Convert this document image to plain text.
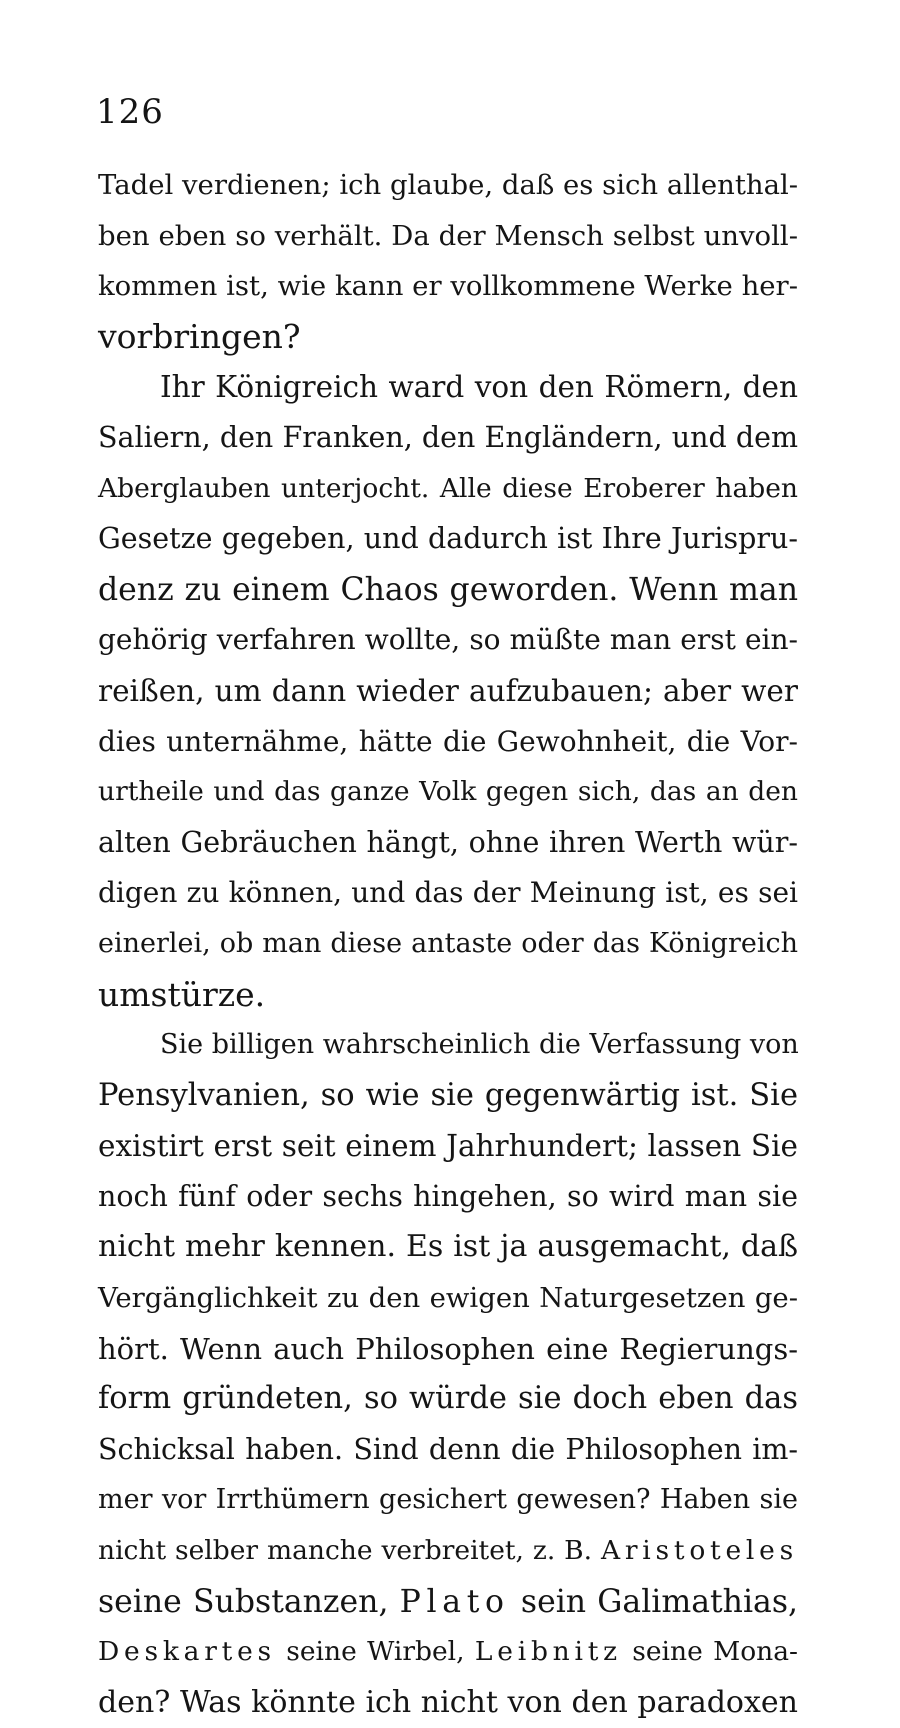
126
Tadel verdienen; ich glaube, daß es sich allenthal-
ben eben so verhält. Da der Mensch selbst unvoll-
kommen ist, wie kann er vollkommene Werke her-
vorbringen?
Ihr Königreich ward von den Römern, den
Saliern, den Franken, den Engländern, und dem
Aberglauben unterjocht. Alle diese Eroberer haben
Gesetze gegeben, und dadurch ist Ihre Jurispru-
denz zu einem Chaos geworden. Wenn man
gehörig verfahren wollte, so müßte man erst ein-
reißen, um dann wieder aufzubauen; aber wer
dies unternähme, hätte die Gewohnheit, die Vor-
urtheile und das ganze Volk gegen sich, das an den
alten Gebräuchen hängt, ohne ihren Werth wür-
digen zu können, und das der Meinung ist, es sei
einerlei, ob man diese antaste oder das Königreich
umstürze.
Sie billigen wahrscheinlich die Verfassung von
Pensylvanien, so wie sie gegenwärtig ist. Sie
existirt erst seit einem Jahrhundert; lassen Sie
noch fünf oder sechs hingehen, so wird man sie
nicht mehr kennen. Es ist ja ausgemacht, daß
Vergänglichkeit zu den ewigen Naturgesetzen ge-
hört. Wenn auch Philosophen eine Regierungs-
form gründeten, so würde sie doch eben das
Schicksal haben. Sind denn die Philosophen im-
mer vor Irrthümern gesichert gewesen? Haben sie
nicht selber manche verbreitet, z. B. Aristoteles
seine Substanzen, Plato sein Galimathias,
Deskartes seine Wirbel, Leibnitz seine Mona-
den? Was könnte ich nicht von den paradoxen
